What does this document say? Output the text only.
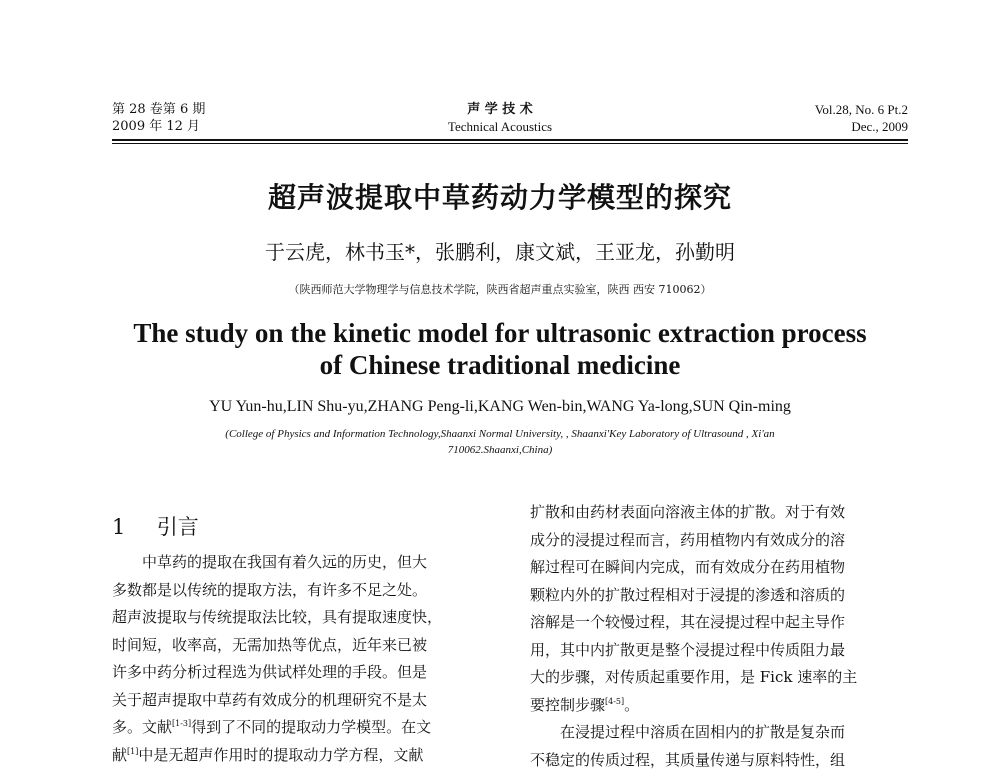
第 28 卷第 6 期
2009 年 12 月
声 学 技 术
Technical Acoustics
Vol.28, No. 6 Pt.2
Dec., 2009
超声波提取中草药动力学模型的探究
于云虎，林书玉*，张鹏利，康文斌，王亚龙，孙勤明
（陕西师范大学物理学与信息技术学院，陕西省超声重点实验室，陕西 西安 710062）
The study on the kinetic model for ultrasonic extraction process
of Chinese traditional medicine
YU Yun-hu,LIN Shu-yu,ZHANG Peng-li,KANG Wen-bin,WANG Ya-long,SUN Qin-ming
(College of Physics and Information Technology,Shaanxi Normal University, , Shaanxi'Key Laboratory of Ultrasound , Xi'an
710062.Shaanxi,China)
1 引言

中草药的提取在我国有着久远的历史，但大

多数都是以传统的提取方法，有许多不足之处。

超声波提取与传统提取法比较，具有提取速度快，

时间短，收率高，无需加热等优点，近年来已被

许多中药分析过程选为供试样处理的手段。但是

关于超声提取中草药有效成分的机理研究不是太

多。文献[1-3]得到了不同的提取动力学模型。在文

献[1]中是无超声作用时的提取动力学方程，文献

扩散和由药材表面向溶液主体的扩散。对于有效

成分的浸提过程而言，药用植物内有效成分的溶

解过程可在瞬间内完成，而有效成分在药用植物

颗粒内外的扩散过程相对于浸提的渗透和溶质的

溶解是一个较慢过程，其在浸提过程中起主导作

用，其中内扩散更是整个浸提过程中传质阻力最

大的步骤，对传质起重要作用，是 Fick 速率的主

要控制步骤[4-5]。

在浸提过程中溶质在固相内的扩散是复杂而

不稳定的传质过程，其质量传递与原料特性，组
